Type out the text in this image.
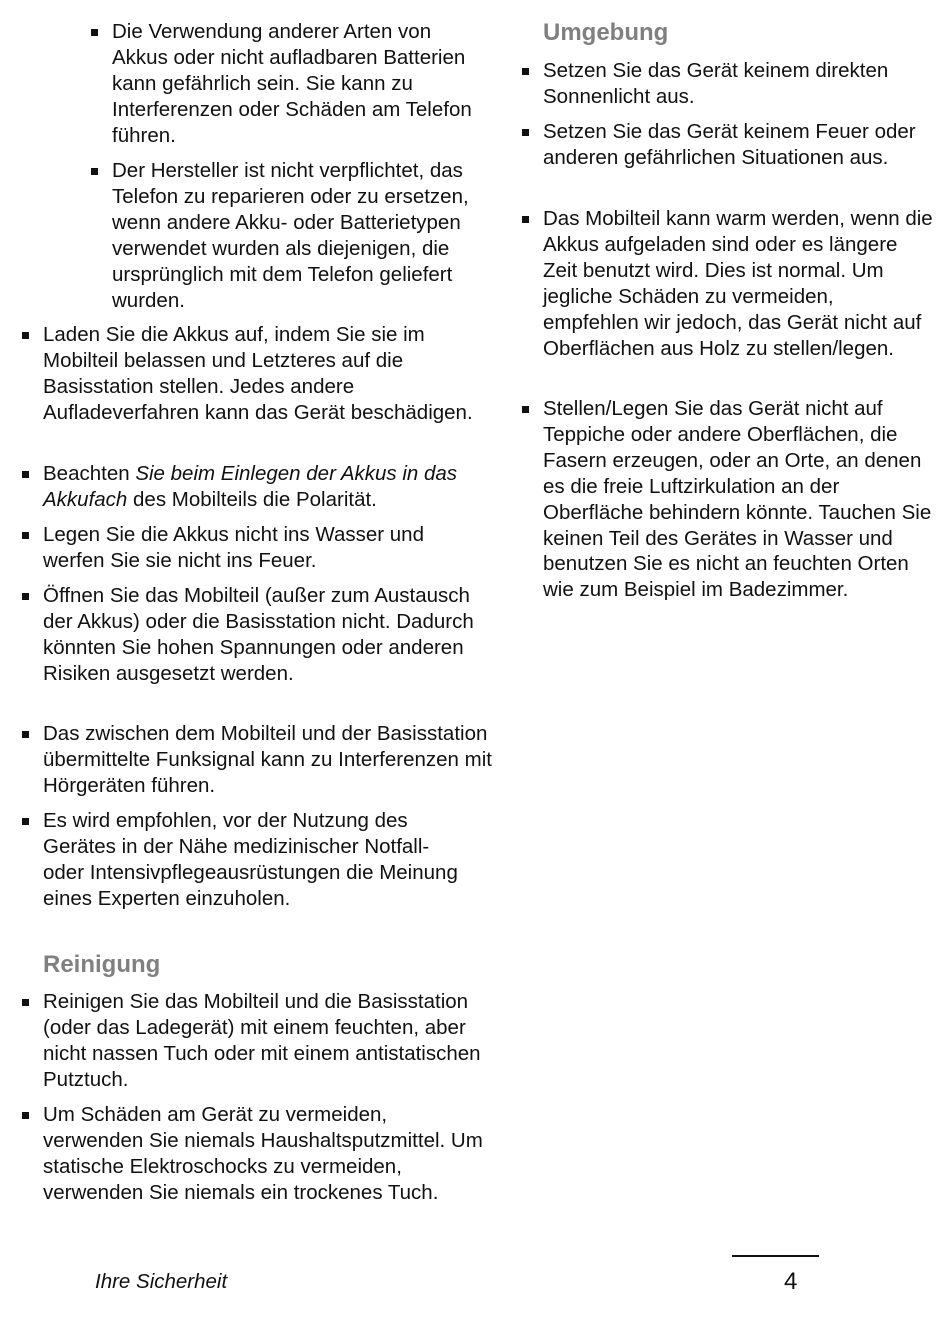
Die Verwendung anderer Arten von Akkus oder nicht aufladbaren Batterien kann gefährlich sein. Sie kann zu Interferenzen oder Schäden am Telefon führen.
Der Hersteller ist nicht verpflichtet, das Telefon zu reparieren oder zu ersetzen, wenn andere Akku- oder Batterietypen verwendet wurden als diejenigen, die ursprünglich mit dem Telefon geliefert wurden.
Laden Sie die Akkus auf, indem Sie sie im Mobilteil belassen und Letzteres auf die Basisstation stellen. Jedes andere Aufladeverfahren kann das Gerät beschädigen.
Beachten Sie beim Einlegen der Akkus in das Akkufach des Mobilteils die Polarität.
Legen Sie die Akkus nicht ins Wasser und werfen Sie sie nicht ins Feuer.
Öffnen Sie das Mobilteil (außer zum Austausch der Akkus) oder die Basisstation nicht. Dadurch könnten Sie hohen Spannungen oder anderen Risiken ausgesetzt werden.
Das zwischen dem Mobilteil und der Basisstation übermittelte Funksignal kann zu Interferenzen mit Hörgeräten führen.
Es wird empfohlen, vor der Nutzung des Gerätes in der Nähe medizinischer Notfall- oder Intensivpflegeausrüstungen die Meinung eines Experten einzuholen.
Reinigung
Reinigen Sie das Mobilteil und die Basisstation (oder das Ladegerät) mit einem feuchten, aber nicht nassen Tuch oder mit einem antistatischen Putztuch.
Um Schäden am Gerät zu vermeiden, verwenden Sie niemals Haushaltsputzmittel. Um statische Elektroschocks zu vermeiden, verwenden Sie niemals ein trockenes Tuch.
Umgebung
Setzen Sie das Gerät keinem direkten Sonnenlicht aus.
Setzen Sie das Gerät keinem Feuer oder anderen gefährlichen Situationen aus.
Das Mobilteil kann warm werden, wenn die Akkus aufgeladen sind oder es längere Zeit benutzt wird. Dies ist normal. Um jegliche Schäden zu vermeiden, empfehlen wir jedoch, das Gerät nicht auf Oberflächen aus Holz zu stellen/legen.
Stellen/Legen Sie das Gerät nicht auf Teppiche oder andere Oberflächen, die Fasern erzeugen, oder an Orte, an denen es die freie Luftzirkulation an der Oberfläche behindern könnte. Tauchen Sie keinen Teil des Gerätes in Wasser und benutzen Sie es nicht an feuchten Orten wie zum Beispiel im Badezimmer.
Ihre Sicherheit	4
